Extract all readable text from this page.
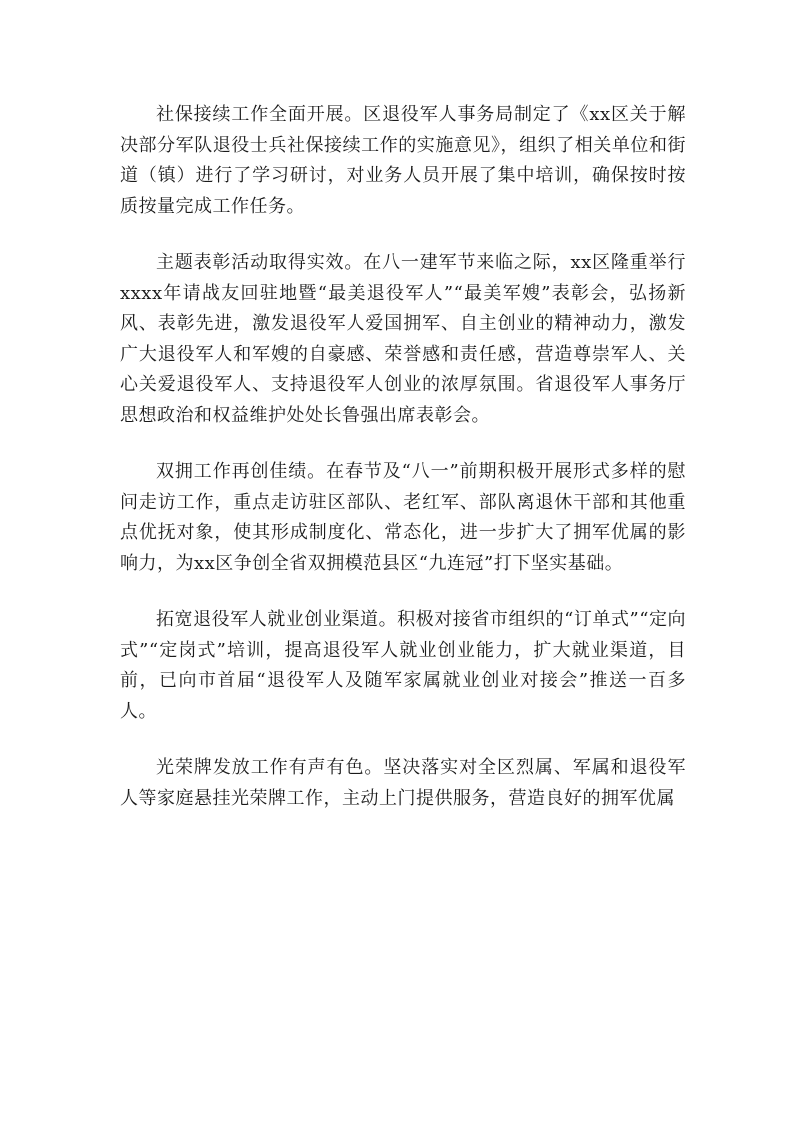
社保接续工作全面开展。区退役军人事务局制定了《xx区关于解决部分军队退役士兵社保接续工作的实施意见》，组织了相关单位和街道（镇）进行了学习研讨，对业务人员开展了集中培训，确保按时按质按量完成工作任务。

主题表彰活动取得实效。在八一建军节来临之际，xx区隆重举行xxxx年请战友回驻地暨“最美退役军人”“最美军嫂”表彰会，弘扬新风、表彰先进，激发退役军人爱国拥军、自主创业的精神动力，激发广大退役军人和军嫂的自豪感、荣誉感和责任感，营造尊崇军人、关心关爱退役军人、支持退役军人创业的浓厚氛围。省退役军人事务厅思想政治和权益维护处处长鲁强出席表彰会。

双拥工作再创佳绩。在春节及“八一”前期积极开展形式多样的慰问走访工作，重点走访驻区部队、老红军、部队离退休干部和其他重点优抚对象，使其形成制度化、常态化，进一步扩大了拥军优属的影响力，为xx区争创全省双拥模范县区“九连冠”打下坚实基础。

拓宽退役军人就业创业渠道。积极对接省市组织的“订单式”“定向式”“定岗式”培训，提高退役军人就业创业能力，扩大就业渠道，目前，已向市首届“退役军人及随军家属就业创业对接会”推送一百多人。

光荣牌发放工作有声有色。坚决落实对全区烈属、军属和退役军人等家庭悬挂光荣牌工作，主动上门提供服务，营造良好的拥军优属
